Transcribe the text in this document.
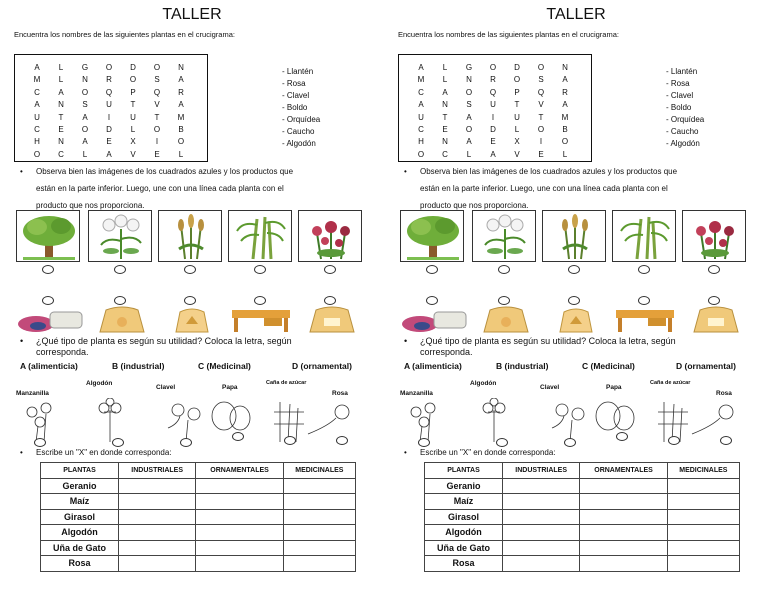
TALLER
Encuentra los nombres de las siguientes plantas en el crucigrama:
A	L	G	O	D	O	N
M	L	N	R	O	S	A
C	A	O	Q	P	Q	R
A	N	S	U	T	V	A
U	T	A	I	U	T	M
C	E	O	D	L	O	B
H	N	A	E	X	I	O
O	C	L	A	V	E	L
- Llantén
- Rosa
- Clavel
- Boldo
- Orquídea
- Caucho
- Algodón
• Observa bien las imágenes de los cuadrados azules y los productos que
están en la parte inferior. Luego, une con una línea cada planta con el
producto que nos proporciona.
• ¿Qué tipo de planta es según su utilidad? Coloca la letra, según
corresponda.
A (alimenticia)	B (industrial)	C (Medicinal)	D (ornamental)
Manzanilla
Algodón
Clavel	Papa
Caña de azúcar
Rosa
• Escribe un "X" en donde corresponda:
PLANTAS	INDUSTRIALES	ORNAMENTALES	MEDICINALES
Geranio			
Maíz			
Girasol			
Algodón			
Uña de Gato			
Rosa			
TALLER
Encuentra los nombres de las siguientes plantas en el crucigrama:
A	L	G	O	D	O	N
M	L	N	R	O	S	A
C	A	O	Q	P	Q	R
A	N	S	U	T	V	A
U	T	A	I	U	T	M
C	E	O	D	L	O	B
H	N	A	E	X	I	O
O	C	L	A	V	E	L
- Llantén
- Rosa
- Clavel
- Boldo
- Orquídea
- Caucho
- Algodón
• Observa bien las imágenes de los cuadrados azules y los productos que
están en la parte inferior. Luego, une con una línea cada planta con el
producto que nos proporciona.
• ¿Qué tipo de planta es según su utilidad? Coloca la letra, según
corresponda.
A (alimenticia)	B (industrial)	C (Medicinal)	D (ornamental)
Manzanilla
Algodón
Clavel	Papa
Caña de azúcar
Rosa
• Escribe un "X" en donde corresponda:
PLANTAS	INDUSTRIALES	ORNAMENTALES	MEDICINALES
Geranio			
Maíz			
Girasol			
Algodón			
Uña de Gato			
Rosa			
